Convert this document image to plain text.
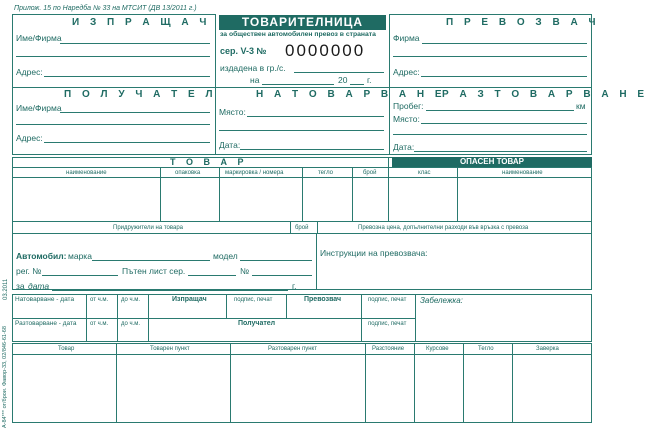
Прилож. 15 по Наредба № 33 на МТСИТ (ДВ 13/2011 г.)
ТОВАРИТЕЛНИЦА
И З П Р А Щ А Ч
Име/Фирма
Адрес:
за обществен автомобилен превоз в страната
сер. V-3 № 0000000
издадена в гр./с.
на	20 г.
П Р Е В О З В А Ч
Фирма
Адрес:
П О Л У Ч А Т Е Л
Име/Фирма
Адрес:
Н А Т О В А Р В А Н Е
Място:
Дата:
Р А З Т О В А Р В А Н Е
Пробег:	км
Място:
Дата:
Т О В А Р	ОПАСЕН ТОВАР
наименование	опаковка	маркировка / номера	тегло	брой	клас	наименование
Придружители на товара	брой	Превозна цена, допълнителни разходи във връзка с превоза
Автомобил: марка	модел
рег. №	Пътен лист сер.	№
за дата	г.
Инструкции на превозвача:
03.2011
A-84*** от/брои. Фавор-33, 02/846-61-68
Натоварване - дата	от ч.м. до ч.м.	Изпращач	подпис, печат	Превозвач	подпис, печат
Разтоварване - дата от ч.м. до ч.м.	Получател	подпис, печат
Забележка:
Товар	Товарен пункт	Разтоварен пункт	Разстояние	Курсове	Тегло	Заверка
